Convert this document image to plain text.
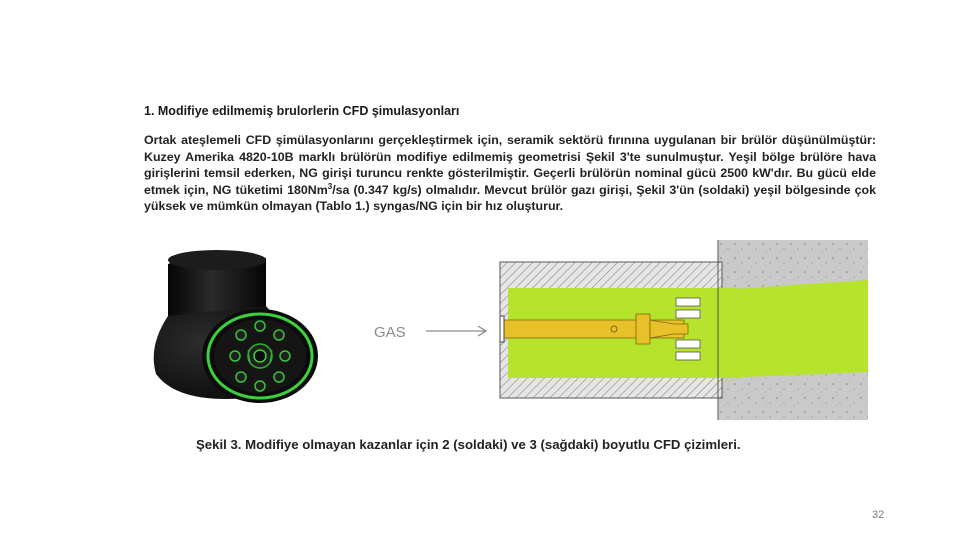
1. Modifiye edilmemiş brulorlerin CFD şimulasyonları
Ortak ateşlemeli CFD şimülasyonlarını gerçekleştirmek için, seramik sektörü fırınına uygulanan bir brülör düşünülmüştür: Kuzey Amerika 4820-10B marklı brülörün modifiye edilmemiş geometrisi Şekil 3'te sunulmuştur. Yeşil bölge brülöre hava girişlerini temsil ederken, NG girişi turuncu renkte gösterilmiştir. Geçerli brülörün nominal gücü 2500 kW'dır. Bu gücü elde etmek için, NG tüketimi 180Nm$^3$/sa (0.347 kg/s) olmalıdır. Mevcut brülör gazı girişi, Şekil 3'ün (soldaki) yeşil bölgesinde çok yüksek ve mümkün olmayan (Tablo 1.) syngas/NG için bir hız oluşturur.
GAS
Şekil 3. Modifiye olmayan kazanlar için 2 (soldaki) ve 3 (sağdaki) boyutlu CFD çizimleri.
32
